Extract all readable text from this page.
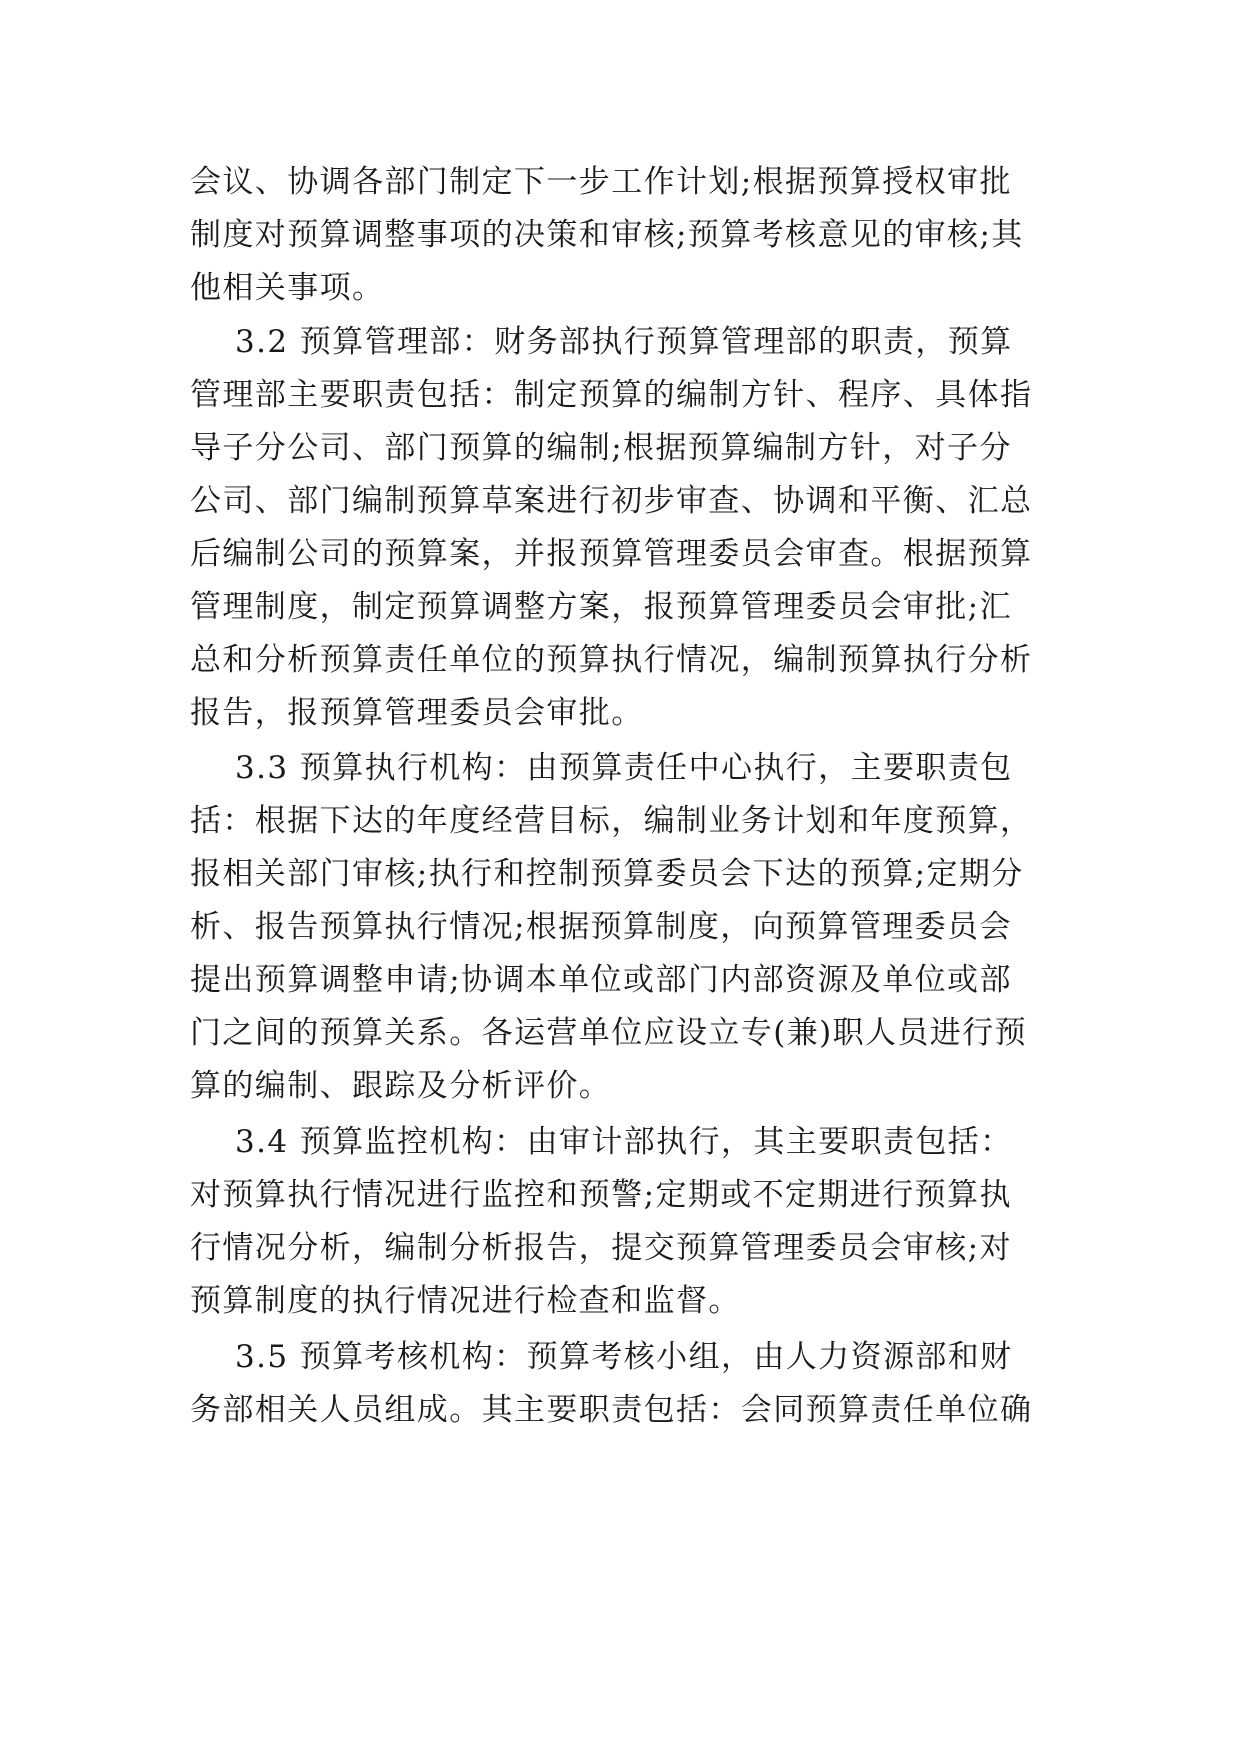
会议、协调各部门制定下一步工作计划;根据预算授权审批
制度对预算调整事项的决策和审核;预算考核意见的审核;其
他相关事项。
3.2 预算管理部：财务部执行预算管理部的职责，预算
管理部主要职责包括：制定预算的编制方针、程序、具体指
导子分公司、部门预算的编制;根据预算编制方针，对子分
公司、部门编制预算草案进行初步审查、协调和平衡、汇总
后编制公司的预算案，并报预算管理委员会审查。根据预算
管理制度，制定预算调整方案，报预算管理委员会审批;汇
总和分析预算责任单位的预算执行情况，编制预算执行分析
报告，报预算管理委员会审批。
3.3 预算执行机构：由预算责任中心执行，主要职责包
括：根据下达的年度经营目标，编制业务计划和年度预算，
报相关部门审核;执行和控制预算委员会下达的预算;定期分
析、报告预算执行情况;根据预算制度，向预算管理委员会
提出预算调整申请;协调本单位或部门内部资源及单位或部
门之间的预算关系。各运营单位应设立专(兼)职人员进行预
算的编制、跟踪及分析评价。
3.4 预算监控机构：由审计部执行，其主要职责包括：
对预算执行情况进行监控和预警;定期或不定期进行预算执
行情况分析，编制分析报告，提交预算管理委员会审核;对
预算制度的执行情况进行检查和监督。
3.5 预算考核机构：预算考核小组，由人力资源部和财
务部相关人员组成。其主要职责包括：会同预算责任单位确
